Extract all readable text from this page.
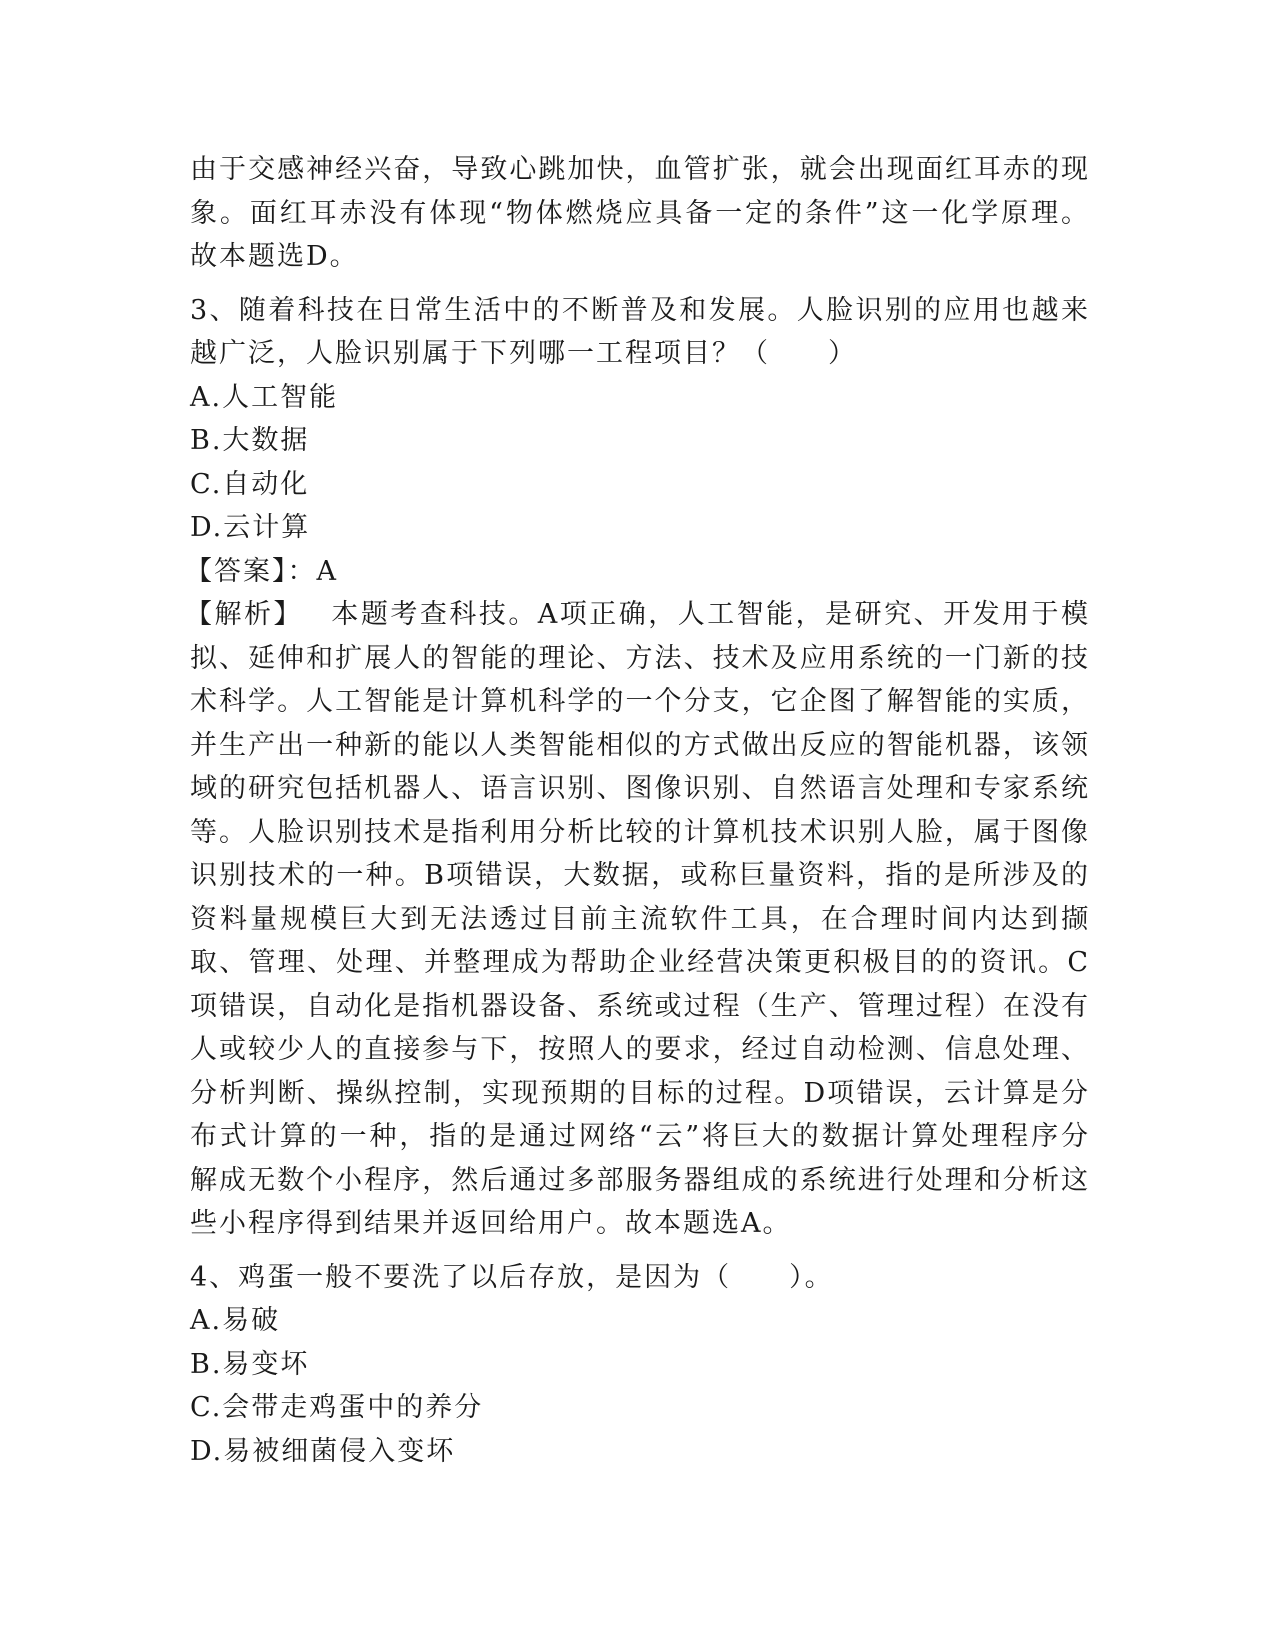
由于交感神经兴奋，导致心跳加快，血管扩张，就会出现面红耳赤的现象。面红耳赤没有体现“物体燃烧应具备一定的条件”这一化学原理。故本题选D。

3、随着科技在日常生活中的不断普及和发展。人脸识别的应用也越来越广泛，人脸识别属于下列哪一工程项目？（　　）

A.人工智能

B.大数据

C.自动化

D.云计算

【答案】：A

【解析】 本题考查科技。A项正确，人工智能，是研究、开发用于模拟、延伸和扩展人的智能的理论、方法、技术及应用系统的一门新的技术科学。人工智能是计算机科学的一个分支，它企图了解智能的实质，并生产出一种新的能以人类智能相似的方式做出反应的智能机器，该领域的研究包括机器人、语言识别、图像识别、自然语言处理和专家系统等。人脸识别技术是指利用分析比较的计算机技术识别人脸，属于图像识别技术的一种。B项错误，大数据，或称巨量资料，指的是所涉及的资料量规模巨大到无法透过目前主流软件工具，在合理时间内达到撷取、管理、处理、并整理成为帮助企业经营决策更积极目的的资讯。C项错误，自动化是指机器设备、系统或过程（生产、管理过程）在没有人或较少人的直接参与下，按照人的要求，经过自动检测、信息处理、分析判断、操纵控制，实现预期的目标的过程。D项错误，云计算是分布式计算的一种，指的是通过网络“云”将巨大的数据计算处理程序分解成无数个小程序，然后通过多部服务器组成的系统进行处理和分析这些小程序得到结果并返回给用户。故本题选A。

4、鸡蛋一般不要洗了以后存放，是因为（　　）。

A.易破

B.易变坏

C.会带走鸡蛋中的养分

D.易被细菌侵入变坏
